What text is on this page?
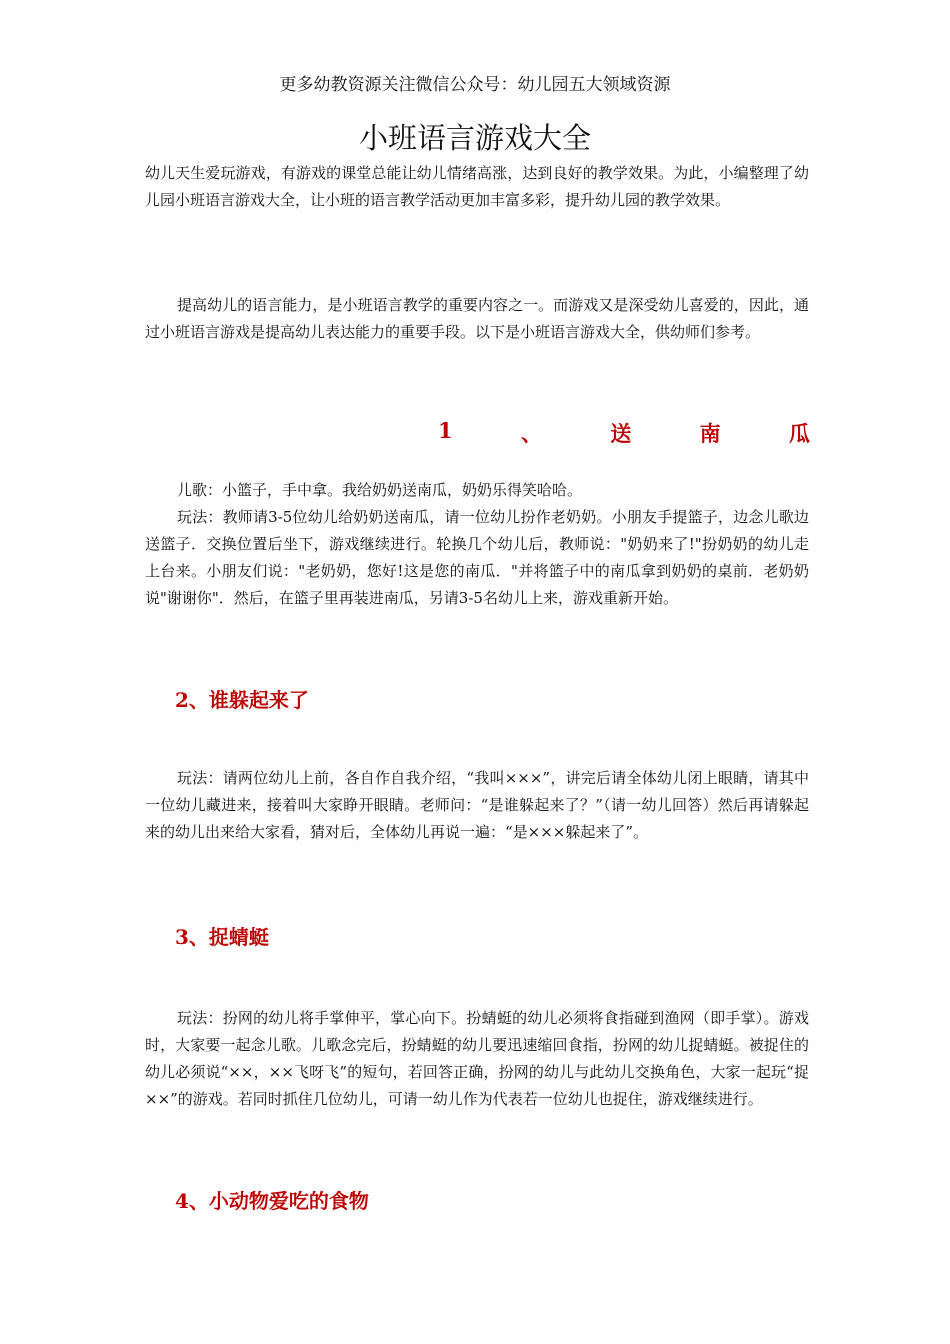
更多幼教资源关注微信公众号：幼儿园五大领域资源
小班语言游戏大全

幼儿天生爱玩游戏，有游戏的课堂总能让幼儿情绪高涨，达到良好的教学效果。为此，小编整理了幼儿园小班语言游戏大全，让小班的语言教学活动更加丰富多彩，提升幼儿园的教学效果。

提高幼儿的语言能力，是小班语言教学的重要内容之一。而游戏又是深受幼儿喜爱的，因此，通过小班语言游戏是提高幼儿表达能力的重要手段。以下是小班语言游戏大全，供幼师们参考。

1	、	送	南	瓜

儿歌：小篮子，手中拿。我给奶奶送南瓜，奶奶乐得笑哈哈。

玩法：教师请3-5位幼儿给奶奶送南瓜，请一位幼儿扮作老奶奶。小朋友手提篮子，边念儿歌边送篮子．交换位置后坐下，游戏继续进行。轮换几个幼儿后，教师说："奶奶来了!"扮奶奶的幼儿走上台来。小朋友们说："老奶奶，您好!这是您的南瓜．"并将篮子中的南瓜拿到奶奶的桌前．老奶奶说"谢谢你"．然后，在篮子里再装进南瓜，另请3-5名幼儿上来，游戏重新开始。

2、谁躲起来了

玩法：请两位幼儿上前，各自作自我介绍，“我叫×××”，讲完后请全体幼儿闭上眼睛，请其中一位幼儿藏进来，接着叫大家睁开眼睛。老师问：“是谁躲起来了？”（请一幼儿回答）然后再请躲起来的幼儿出来给大家看，猜对后，全体幼儿再说一遍：“是×××躲起来了”。

3、捉蜻蜓

玩法：扮网的幼儿将手掌伸平，掌心向下。扮蜻蜓的幼儿必须将食指碰到渔网（即手掌）。游戏时，大家要一起念儿歌。儿歌念完后，扮蜻蜓的幼儿要迅速缩回食指，扮网的幼儿捉蜻蜓。被捉住的幼儿必须说“××，××飞呀飞”的短句，若回答正确，扮网的幼儿与此幼儿交换角色，大家一起玩“捉××”的游戏。若同时抓住几位幼儿，可请一幼儿作为代表若一位幼儿也捉住，游戏继续进行。

4、小动物爱吃的食物
